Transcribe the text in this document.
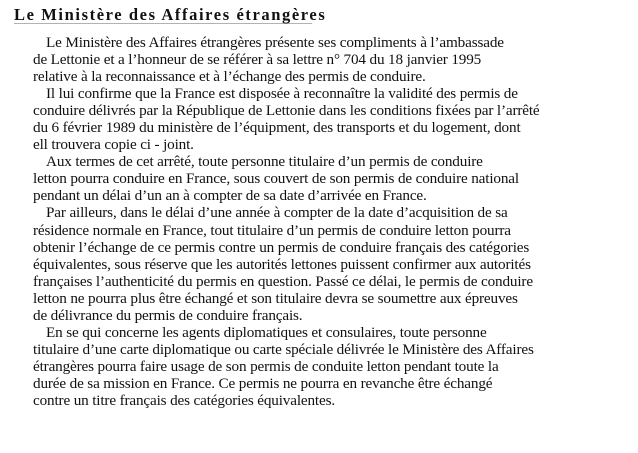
Le Ministère des Affaires étrangères
Le Ministère des Affaires étrangères présente ses compliments à l’ambassade
de Lettonie et a l’honneur de se référer à sa lettre n° 704 du 18 janvier 1995
relative à la reconnaissance et à l’échange des permis de conduire.
Il lui confirme que la France est disposée à reconnaître la validité des permis de
conduire délivrés par la République de Lettonie dans les conditions fixées par l’arrêté
du 6 février 1989 du ministère de l’équipment, des transports et du logement, dont
ell trouvera copie ci - joint.
Aux termes de cet arrêté, toute personne titulaire d’un permis de conduire
letton pourra conduire en France, sous couvert de son permis de conduire national
pendant un délai d’un an à compter de sa date d’arrivée en France.
Par ailleurs, dans le délai d’une année à compter de la date d’acquisition de sa
résidence normale en France, tout titulaire d’un permis de conduire letton pourra
obtenir l’échange de ce permis contre un permis de conduire français des catégories
équivalentes, sous réserve que les autorités lettones puissent confirmer aux autorités
françaises l’authenticité du permis en question. Passé ce délai, le permis de conduire
letton ne pourra plus être échangé et son titulaire devra se soumettre aux épreuves
de délivrance du permis de conduire français.
En se qui concerne les agents diplomatiques et consulaires, toute personne
titulaire d’une carte diplomatique ou carte spéciale délivrée le Ministère des Affaires
étrangères pourra faire usage de son permis de conduite letton pendant toute la
durée de sa mission en France. Ce permis ne pourra en revanche être échangé
contre un titre français des catégories équivalentes.
